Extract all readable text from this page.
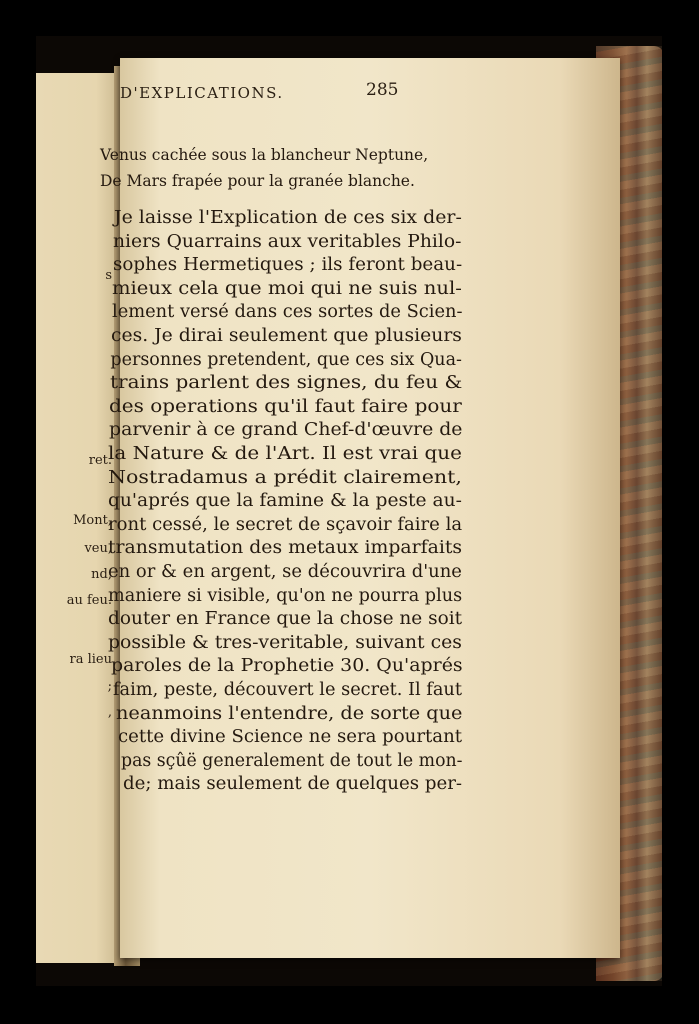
s
ret.
Mont,
veu,
nd,
au feu.
ra lieu
;
,
D'EXPLICATIONS.	285
Venus cachée sous la blancheur Neptune,
De Mars frapée pour la granée blanche.
Je laisse l'Explication de ces six der-
niers Quarrains aux veritables Philo-
sophes Hermetiques ; ils feront beau-
mieux cela que moi qui ne suis nul-
lement versé dans ces sortes de Scien-
ces. Je dirai seulement que plusieurs
personnes pretendent, que ces six Qua-
trains parlent des signes, du feu &
des operations qu'il faut faire pour
parvenir à ce grand Chef-d'œuvre de
la Nature & de l'Art. Il est vrai que
Nostradamus a prédit clairement,
qu'aprés que la famine & la peste au-
ront cessé, le secret de sçavoir faire la
transmutation des metaux imparfaits
en or & en argent, se découvrira d'une
maniere si visible, qu'on ne pourra plus
douter en France que la chose ne soit
possible & tres-veritable, suivant ces
paroles de la Prophetie 30. Qu'aprés
faim, peste, découvert le secret. Il faut
neanmoins l'entendre, de sorte que
cette divine Science ne sera pourtant
pas sçûë generalement de tout le mon-
de; mais seulement de quelques per-
